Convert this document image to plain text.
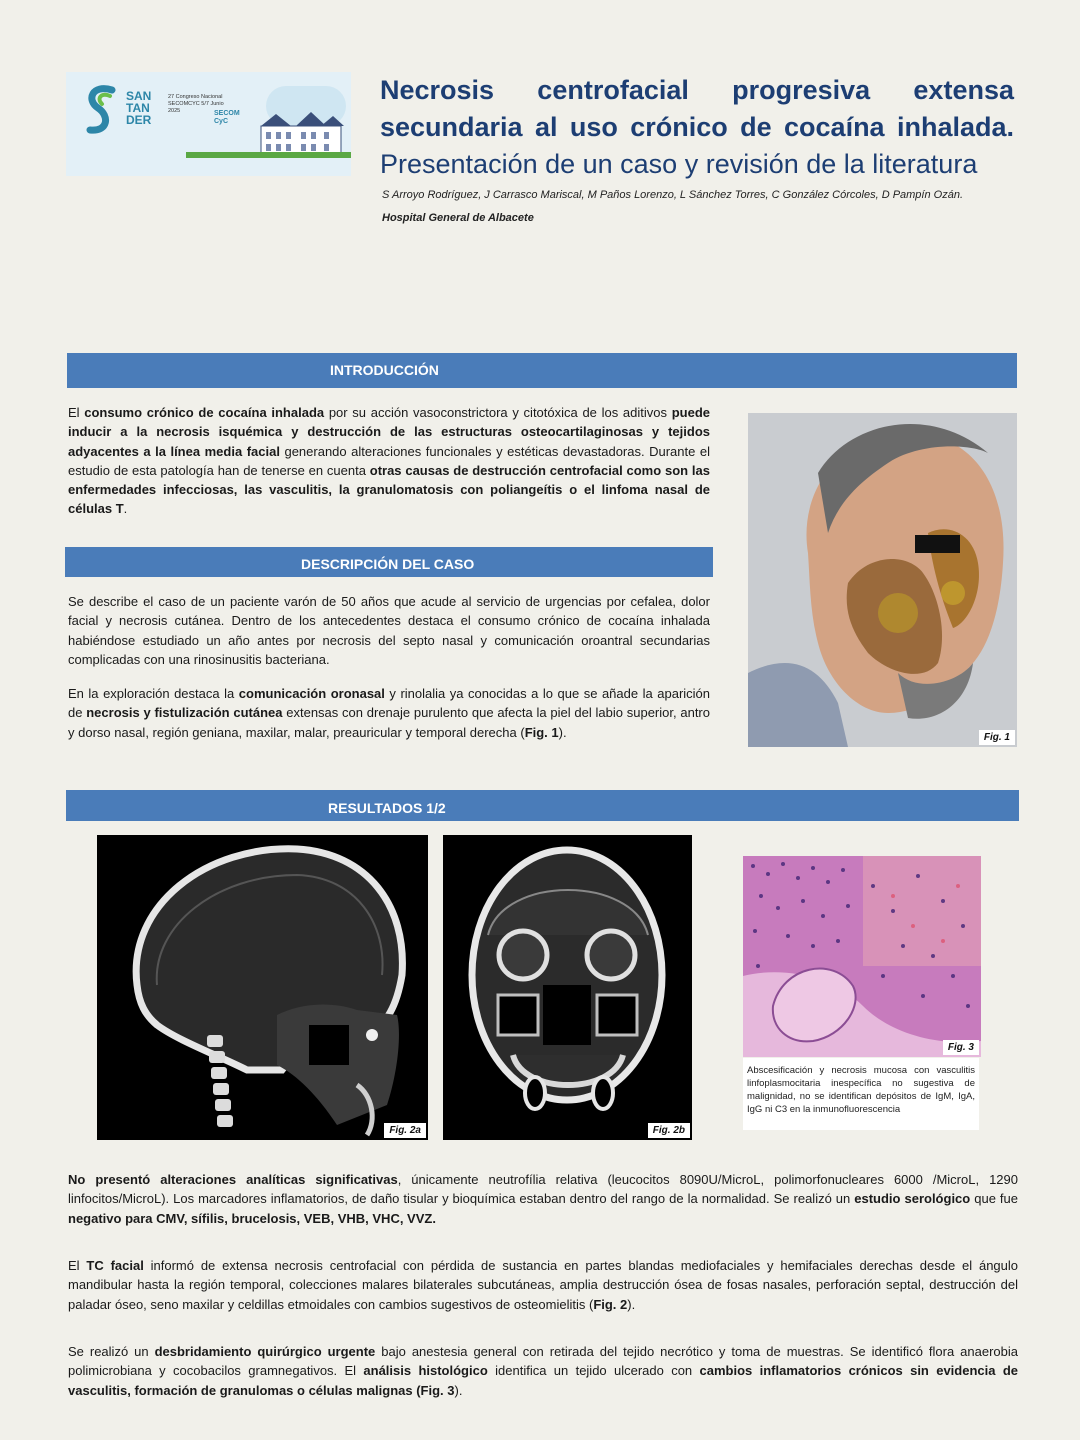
SAN TAN DER
27 Congreso Nacional SECOMCYC 5/7 Junio 2025	SECOM CyC
Necrosis centrofacial progresiva extensa secundaria al uso crónico de cocaína inhalada.
Presentación de un caso y revisión de la literatura
S Arroyo Rodríguez, J Carrasco Mariscal, M Paños Lorenzo, L Sánchez Torres, C González Córcoles, D Pampín Ozán.
Hospital General de Albacete
INTRODUCCIÓN
El consumo crónico de cocaína inhalada por su acción vasoconstrictora y citotóxica de los aditivos puede inducir a la necrosis isquémica y destrucción de las estructuras osteocartilaginosas y tejidos adyacentes a la línea media facial generando alteraciones funcionales y estéticas devastadoras. Durante el estudio de esta patología han de tenerse en cuenta otras causas de destrucción centrofacial como son las enfermedades infecciosas, las vasculitis, la granulomatosis con poliangeítis o el linfoma nasal de células T.
Fig. 1
DESCRIPCIÓN DEL CASO
Se describe el caso de un paciente varón de 50 años que acude al servicio de urgencias por cefalea, dolor facial y necrosis cutánea. Dentro de los antecedentes destaca el consumo crónico de cocaína inhalada habiéndose estudiado un año antes por necrosis del septo nasal y comunicación oroantral secundarias complicadas con una rinosinusitis bacteriana.
En la exploración destaca la comunicación oronasal y rinolalia ya conocidas a lo que se añade la aparición de necrosis y fistulización cutánea extensas con drenaje purulento que afecta la piel del labio superior, antro y dorso nasal, región geniana, maxilar, malar, preauricular y temporal derecha (Fig. 1).
RESULTADOS 1/2
Fig. 2a	Fig. 2b
Fig. 3
Abscesificación y necrosis mucosa con vasculitis linfoplasmocitaria inespecífica no sugestiva de malignidad, no se identifican depósitos de IgM, IgA, IgG ni C3 en la inmunofluorescencia
No presentó alteraciones analíticas significativas, únicamente neutrofília relativa (leucocitos 8090U/MicroL, polimorfonucleares 6000 /MicroL, 1290 linfocitos/MicroL). Los marcadores inflamatorios, de daño tisular y bioquímica estaban dentro del rango de la normalidad. Se realizó un estudio serológico que fue negativo para CMV, sífilis, brucelosis, VEB, VHB, VHC, VVZ.
El TC facial informó de extensa necrosis centrofacial con pérdida de sustancia en partes blandas mediofaciales y hemifaciales derechas desde el ángulo mandibular hasta la región temporal, colecciones malares bilaterales subcutáneas, amplia destrucción ósea de fosas nasales, perforación septal, destrucción del paladar óseo, seno maxilar y celdillas etmoidales con cambios sugestivos de osteomielitis (Fig. 2).
Se realizó un desbridamiento quirúrgico urgente bajo anestesia general con retirada del tejido necrótico y toma de muestras. Se identificó flora anaerobia polimicrobiana y cocobacilos gramnegativos. El análisis histológico identifica un tejido ulcerado con cambios inflamatorios crónicos sin evidencia de vasculitis, formación de granulomas o células malignas (Fig. 3).
